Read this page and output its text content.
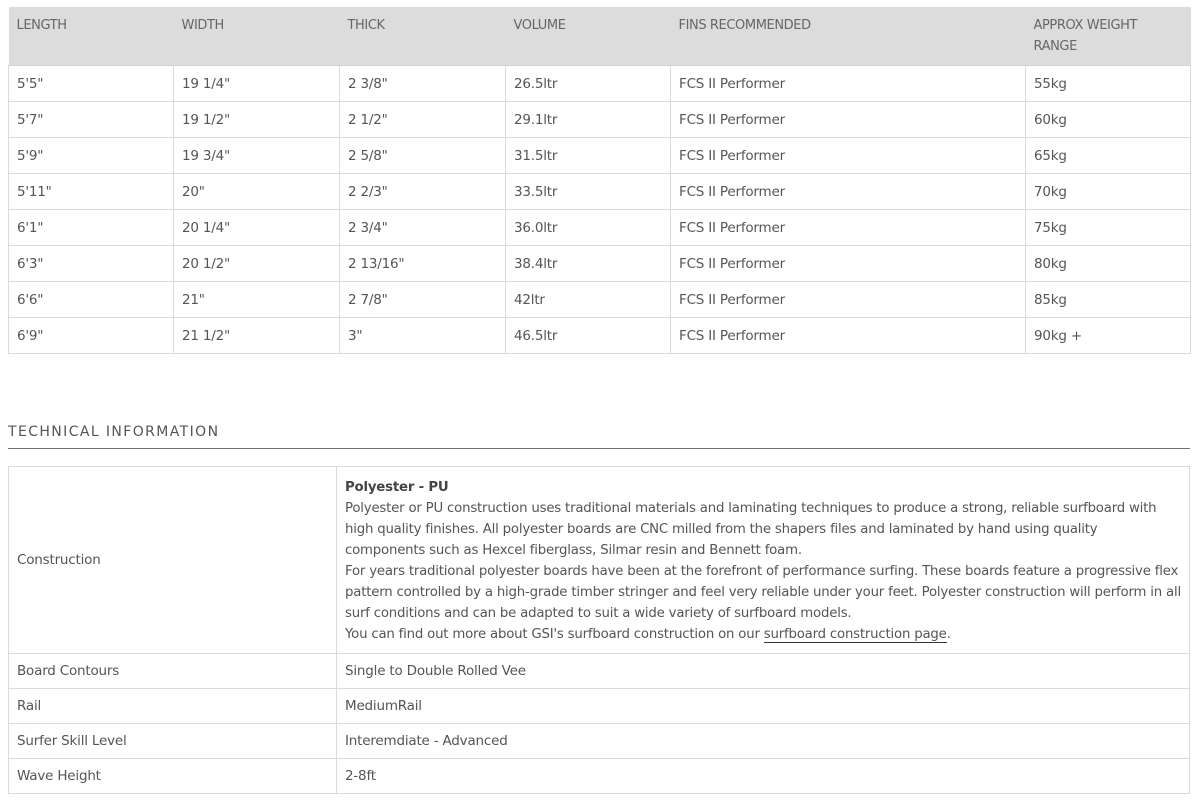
LENGTH	WIDTH	THICK	VOLUME	FINS RECOMMENDED	APPROX WEIGHT RANGE
5'5"	19 1/4"	2 3/8"	26.5ltr	FCS II Performer	55kg
5'7"	19 1/2"	2 1/2"	29.1ltr	FCS II Performer	60kg
5'9"	19 3/4"	2 5/8"	31.5ltr	FCS II Performer	65kg
5'11"	20"	2 2/3"	33.5ltr	FCS II Performer	70kg
6'1"	20 1/4"	2 3/4"	36.0ltr	FCS II Performer	75kg
6'3"	20 1/2"	2 13/16"	38.4ltr	FCS II Performer	80kg
6'6"	21"	2 7/8"	42ltr	FCS II Performer	85kg
6'9"	21 1/2"	3"	46.5ltr	FCS II Performer	90kg +
TECHNICAL INFORMATION
Construction	Polyester - PU
Polyester or PU construction uses traditional materials and laminating techniques to produce a strong, reliable surfboard with high quality finishes. All polyester boards are CNC milled from the shapers files and laminated by hand using quality components such as Hexcel fiberglass, Silmar resin and Bennett foam.
For years traditional polyester boards have been at the forefront of performance surfing. These boards feature a progressive flex pattern controlled by a high-grade timber stringer and feel very reliable under your feet. Polyester construction will perform in all surf conditions and can be adapted to suit a wide variety of surfboard models.
You can find out more about GSI's surfboard construction on our surfboard construction page.

Board Contours	Single to Double Rolled Vee
Rail	MediumRail
Surfer Skill Level	Interemdiate - Advanced
Wave Height	2-8ft
